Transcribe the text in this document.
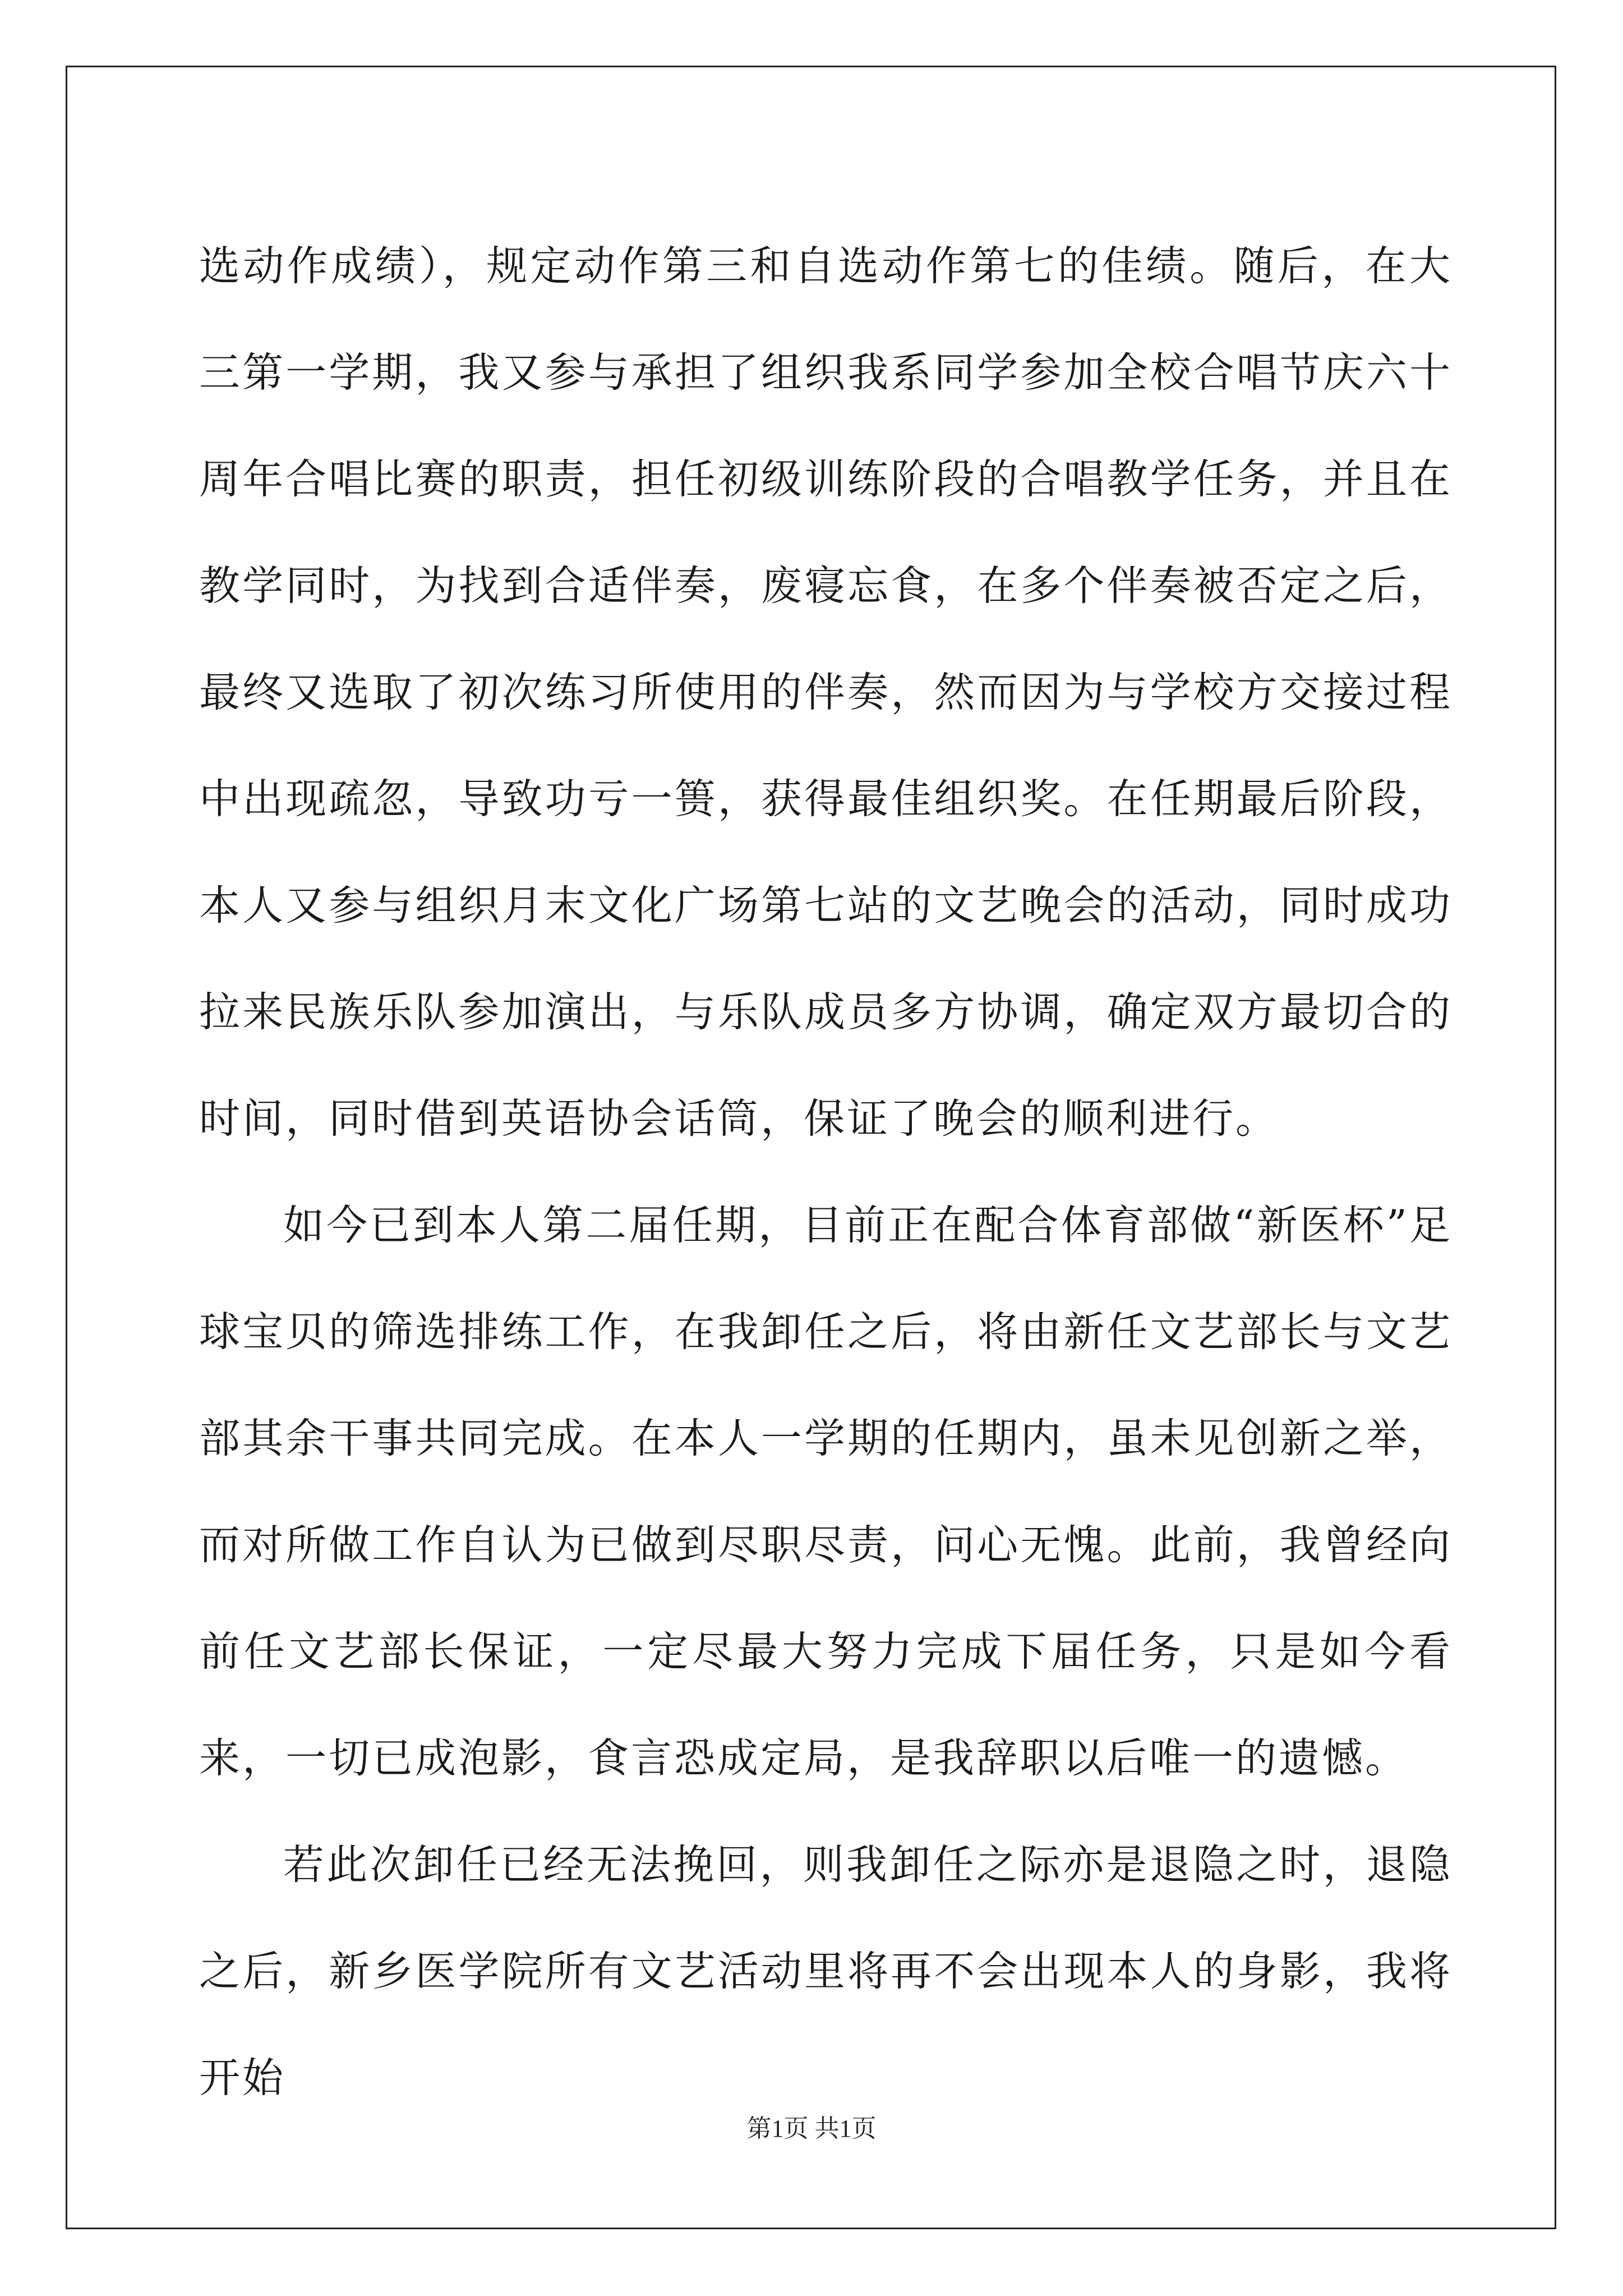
选动作成绩），规定动作第三和自选动作第七的佳绩。随后，在大三第一学期，我又参与承担了组织我系同学参加全校合唱节庆六十周年合唱比赛的职责，担任初级训练阶段的合唱教学任务，并且在教学同时，为找到合适伴奏，废寝忘食，在多个伴奏被否定之后，最终又选取了初次练习所使用的伴奏，然而因为与学校方交接过程中出现疏忽，导致功亏一篑，获得最佳组织奖。在任期最后阶段，本人又参与组织月末文化广场第七站的文艺晚会的活动，同时成功拉来民族乐队参加演出，与乐队成员多方协调，确定双方最切合的时间，同时借到英语协会话筒，保证了晚会的顺利进行。

如今已到本人第二届任期，目前正在配合体育部做“新医杯”足球宝贝的筛选排练工作，在我卸任之后，将由新任文艺部长与文艺部其余干事共同完成。在本人一学期的任期内，虽未见创新之举，而对所做工作自认为已做到尽职尽责，问心无愧。此前，我曾经向前任文艺部长保证，一定尽最大努力完成下届任务，只是如今看来，一切已成泡影，食言恐成定局，是我辞职以后唯一的遗憾。

若此次卸任已经无法挽回，则我卸任之际亦是退隐之时，退隐之后，新乡医学院所有文艺活动里将再不会出现本人的身影，我将开始

第1页 共1页
